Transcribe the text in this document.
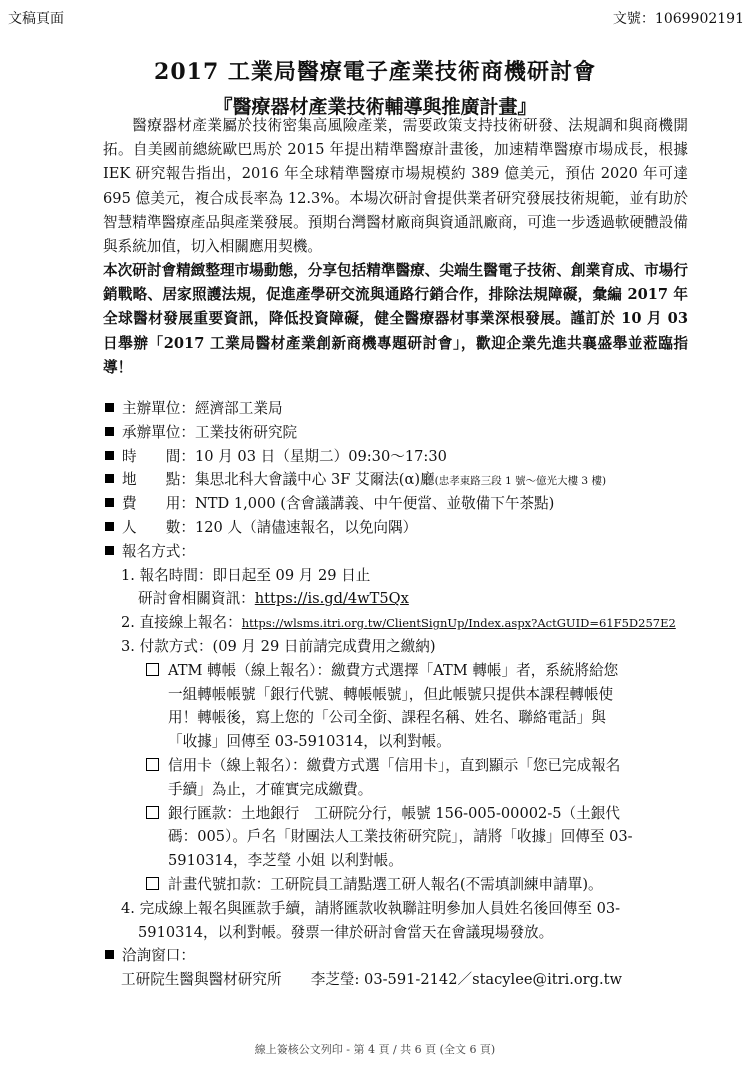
文稿頁面	文號：1069902191
2017 工業局醫療電子產業技術商機研討會
『醫療器材產業技術輔導與推廣計畫』
醫療器材產業屬於技術密集高風險產業，需要政策支持技術研發、法規調和與商機開拓。自美國前總統歐巴馬於 2015 年提出精準醫療計畫後，加速精準醫療市場成長，根據 IEK 研究報告指出，2016 年全球精準醫療市場規模約 389 億美元，預估 2020 年可達 695 億美元，複合成長率為 12.3%。本場次研討會提供業者研究發展技術規範，並有助於智慧精準醫療產品與產業發展。預期台灣醫材廠商與資通訊廠商，可進一步透過軟硬體設備與系統加值，切入相關應用契機。
本次研討會精緻整理市場動態，分享包括精準醫療、尖端生醫電子技術、創業育成、市場行銷戰略、居家照護法規，促進產學研交流與通路行銷合作，排除法規障礙，彙編 2017 年全球醫材發展重要資訊，降低投資障礙，健全醫療器材事業深根發展。謹訂於 10 月 03 日舉辦「2017 工業局醫材產業創新商機專題研討會」，歡迎企業先進共襄盛舉並蒞臨指導！
主辦單位：經濟部工業局
承辦單位：工業技術研究院
時　　間：10 月 03 日（星期二）09:30～17:30
地　　點：集思北科大會議中心 3F 艾爾法(α)廳(忠孝東路三段 1 號～億光大樓 3 樓)
費　　用：NTD 1,000 (含會議講義、中午便當、並敬備下午茶點)
人　　數：120 人（請儘速報名，以免向隅）
報名方式：
1. 報名時間：即日起至 09 月 29 日止
研討會相關資訊：https://is.gd/4wT5Qx
2. 直接線上報名：https://wlsms.itri.org.tw/ClientSignUp/Index.aspx?ActGUID=61F5D257E2
3. 付款方式：(09 月 29 日前請完成費用之繳納)
ATM 轉帳（線上報名）：繳費方式選擇「ATM 轉帳」者，系統將給您
一組轉帳帳號「銀行代號、轉帳帳號」，但此帳號只提供本課程轉帳使
用！轉帳後，寫上您的「公司全銜、課程名稱、姓名、聯絡電話」與
「收據」回傳至 03-5910314，以利對帳。
信用卡（線上報名）：繳費方式選「信用卡」，直到顯示「您已完成報名
手續」為止，才確實完成繳費。
銀行匯款：土地銀行　工研院分行，帳號 156-005-00002-5（土銀代
碼：005）。戶名「財團法人工業技術研究院」，請將「收據」回傳至 03-
5910314，李芝瑩 小姐 以利對帳。
計畫代號扣款：工研院員工請點選工研人報名(不需填訓練申請單)。
4. 完成線上報名與匯款手續，請將匯款收執聯註明參加人員姓名後回傳至 03-
5910314，以利對帳。發票一律於研討會當天在會議現場發放。
洽詢窗口：
工研院生醫與醫材研究所　　李芝瑩: 03-591-2142／stacylee@itri.org.tw
線上簽核公文列印 - 第 4 頁 / 共 6 頁 (全文 6 頁)
